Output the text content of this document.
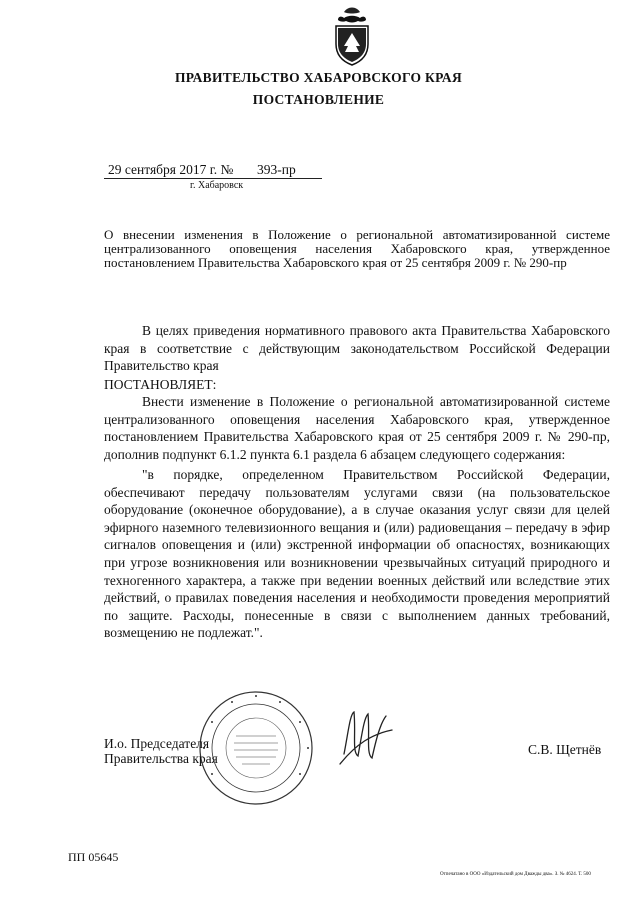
ПРАВИТЕЛЬСТВО ХАБАРОВСКОГО КРАЯ
ПОСТАНОВЛЕНИЕ
29 сентября 2017 г. №       393-пр
г. Хабаровск
О внесении изменения в Положение о региональной автоматизированной системе централизованного оповещения населения Хабаровского края, утвержденное постановлением Правительства Хабаровского края от 25 сентября 2009 г. № 290-пр
В целях приведения нормативного правового акта Правительства Хабаровского края в соответствие с действующим законодательством Российской Федерации Правительство края
ПОСТАНОВЛЯЕТ:
Внести изменение в Положение о региональной автоматизированной системе централизованного оповещения населения Хабаровского края, утвержденное постановлением Правительства Хабаровского края от 25 сентября 2009 г. № 290-пр, дополнив подпункт 6.1.2 пункта 6.1 раздела 6 абзацем следующего содержания:
"в порядке, определенном Правительством Российской Федерации, обеспечивают передачу пользователям услугами связи (на пользовательское оборудование (оконечное оборудование), а в случае оказания услуг связи для целей эфирного наземного телевизионного вещания и (или) радиовещания – передачу в эфир сигналов оповещения и (или) экстренной информации об опасностях, возникающих при угрозе возникновения или возникновении чрезвычайных ситуаций природного и техногенного характера, а также при ведении военных действий или вследствие этих действий, о правилах поведения населения и необходимости проведения мероприятий по защите. Расходы, понесенные в связи с выполнением данных требований, возмещению не подлежат.".
И.о. Председателя
Правительства края
С.В. Щетнёв
ПП 05645
Отпечатано в ООО «Издательский дом Дважды два». З. № 4624. Т. 500
